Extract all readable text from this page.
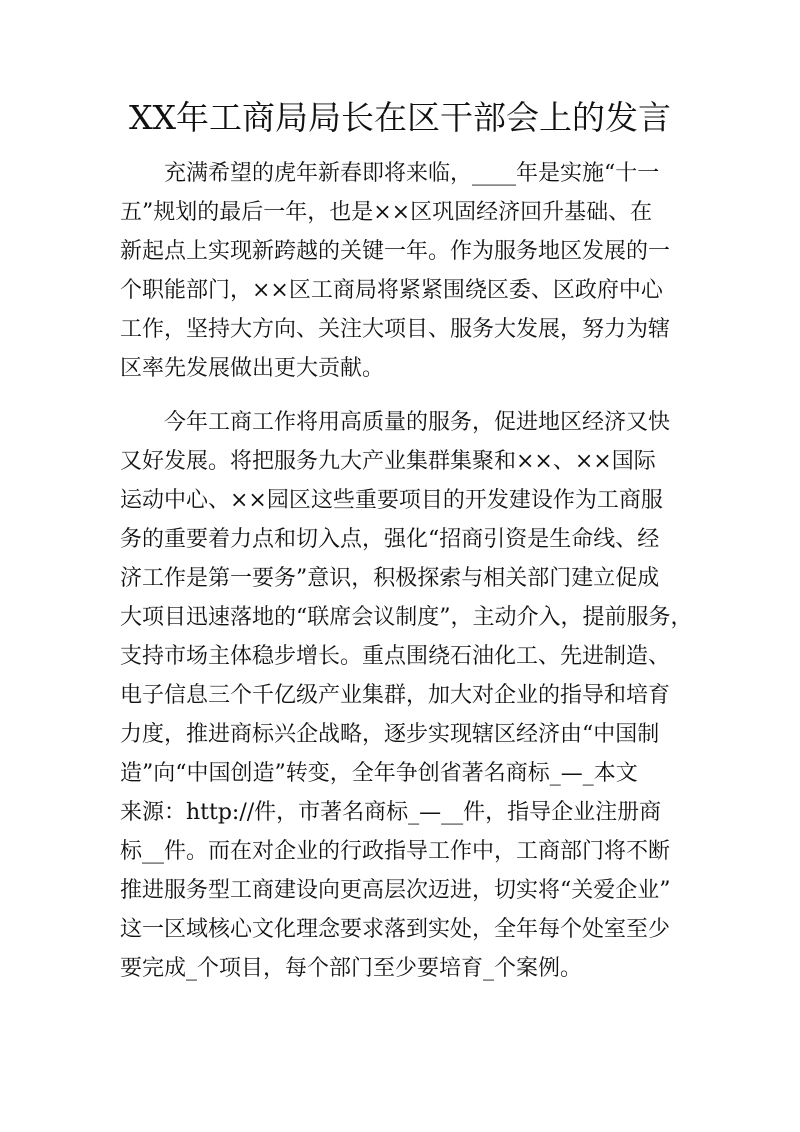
XX年工商局局长在区干部会上的发言

充满希望的虎年新春即将来临，____年是实施“十一

五”规划的最后一年，也是××区巩固经济回升基础、在

新起点上实现新跨越的关键一年。作为服务地区发展的一

个职能部门，××区工商局将紧紧围绕区委、区政府中心

工作，坚持大方向、关注大项目、服务大发展，努力为辖

区率先发展做出更大贡献。

今年工商工作将用高质量的服务，促进地区经济又快

又好发展。将把服务九大产业集群集聚和××、××国际

运动中心、××园区这些重要项目的开发建设作为工商服

务的重要着力点和切入点，强化“招商引资是生命线、经

济工作是第一要务”意识，积极探索与相关部门建立促成

大项目迅速落地的“联席会议制度”，主动介入，提前服务，

支持市场主体稳步增长。重点围绕石油化工、先进制造、

电子信息三个千亿级产业集群，加大对企业的指导和培育

力度，推进商标兴企战略，逐步实现辖区经济由“中国制

造”向“中国创造”转变，全年争创省著名商标_—_本文

来源：http://件，市著名商标_—__件，指导企业注册商

标__件。而在对企业的行政指导工作中，工商部门将不断

推进服务型工商建设向更高层次迈进，切实将“关爱企业”

这一区域核心文化理念要求落到实处，全年每个处室至少

要完成_个项目，每个部门至少要培育_个案例。
